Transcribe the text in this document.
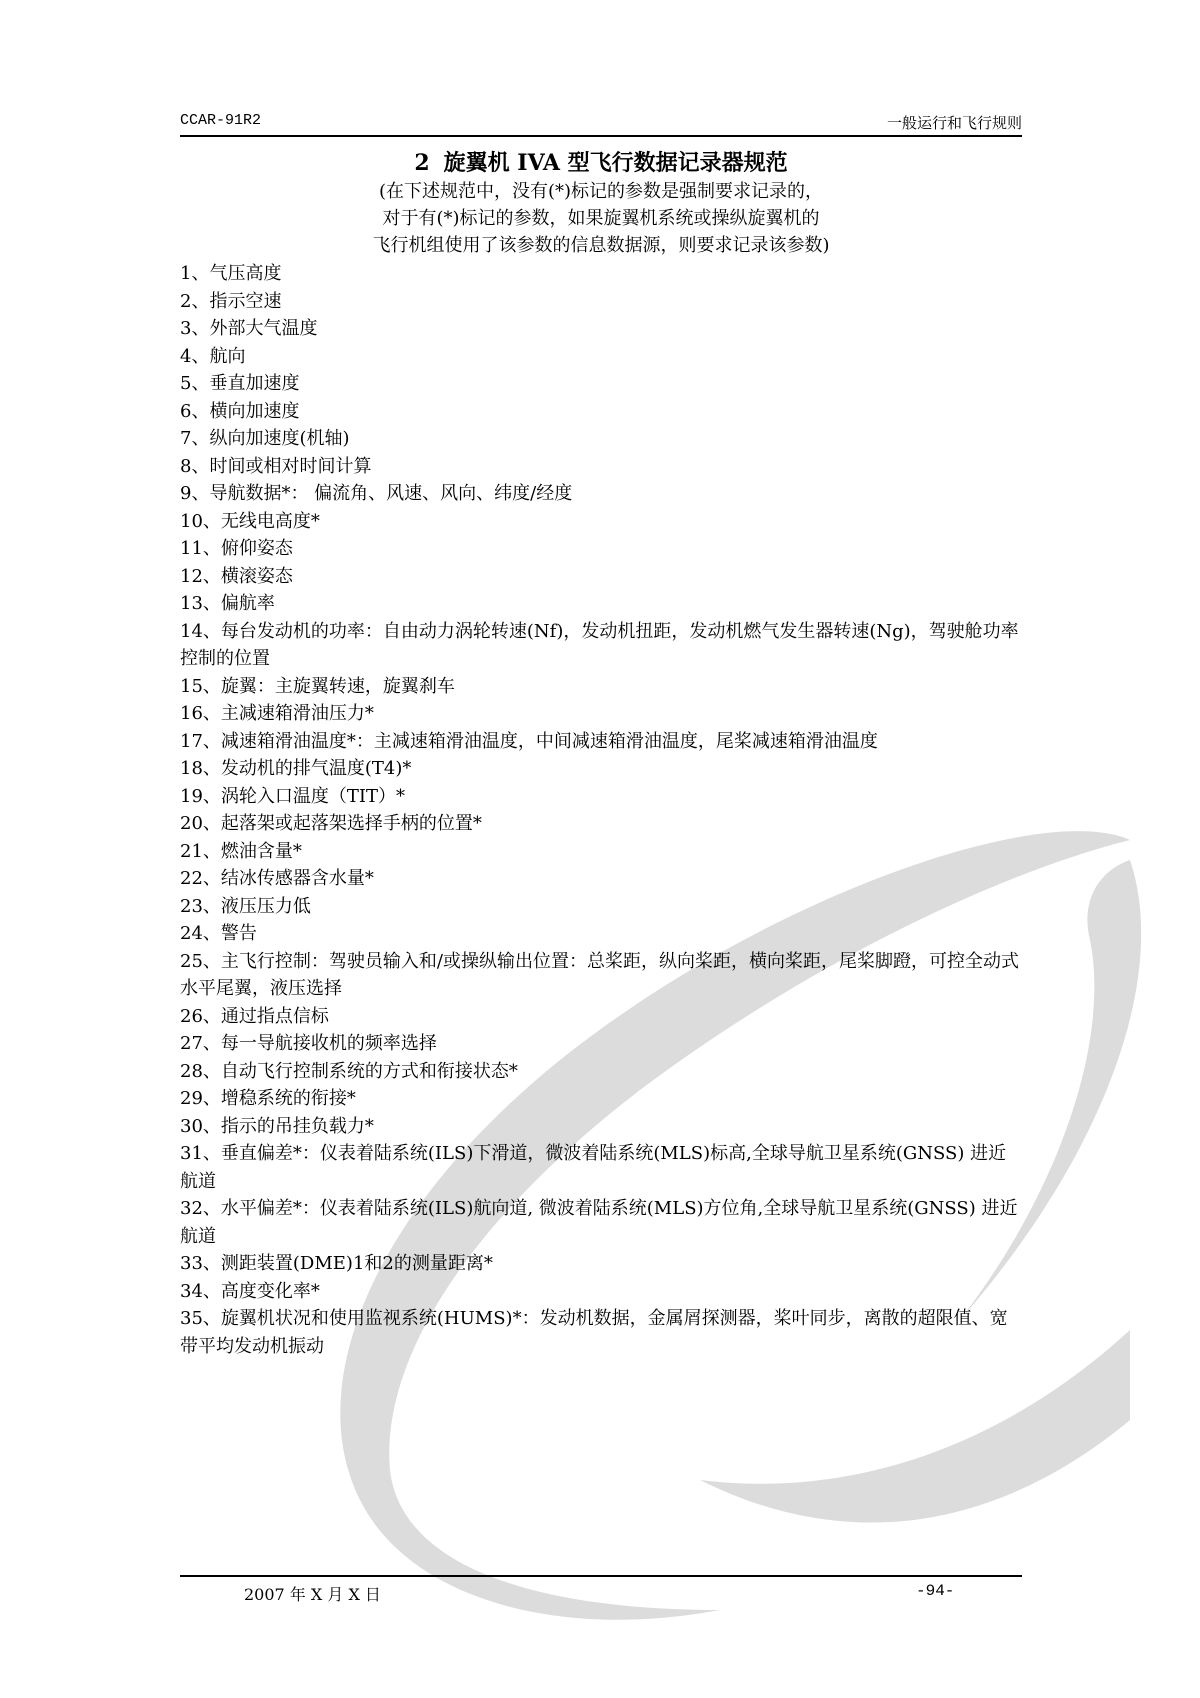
CCAR-91R2	一般运行和飞行规则
2 旋翼机 IVA 型飞行数据记录器规范
(在下述规范中，没有(*)标记的参数是强制要求记录的，
对于有(*)标记的参数，如果旋翼机系统或操纵旋翼机的
飞行机组使用了该参数的信息数据源，则要求记录该参数)
1、气压高度
2、指示空速
3、外部大气温度
4、航向
5、垂直加速度
6、横向加速度
7、纵向加速度(机轴)
8、时间或相对时间计算
9、导航数据*： 偏流角、风速、风向、纬度/经度
10、无线电高度*
11、俯仰姿态
12、横滚姿态
13、偏航率
14、每台发动机的功率：自由动力涡轮转速(Nf)，发动机扭距，发动机燃气发生器转速(Ng)，驾驶舱功率控制的位置
15、旋翼：主旋翼转速，旋翼刹车
16、主减速箱滑油压力*
17、减速箱滑油温度*：主减速箱滑油温度，中间减速箱滑油温度，尾桨减速箱滑油温度
18、发动机的排气温度(T4)*
19、涡轮入口温度（TIT）*
20、起落架或起落架选择手柄的位置*
21、燃油含量*
22、结冰传感器含水量*
23、液压压力低
24、警告
25、主飞行控制：驾驶员输入和/或操纵输出位置：总桨距，纵向桨距，横向桨距，尾桨脚蹬，可控全动式水平尾翼，液压选择
26、通过指点信标
27、每一导航接收机的频率选择
28、自动飞行控制系统的方式和衔接状态*
29、增稳系统的衔接*
30、指示的吊挂负载力*
31、垂直偏差*：仪表着陆系统(ILS)下滑道，微波着陆系统(MLS)标高,全球导航卫星系统(GNSS) 进近航道
32、水平偏差*：仪表着陆系统(ILS)航向道, 微波着陆系统(MLS)方位角,全球导航卫星系统(GNSS) 进近航道
33、测距装置(DME)1和2的测量距离*
34、高度变化率*
35、旋翼机状况和使用监视系统(HUMS)*：发动机数据，金属屑探测器，桨叶同步，离散的超限值、宽带平均发动机振动
2007 年 X 月 X 日	-94-
